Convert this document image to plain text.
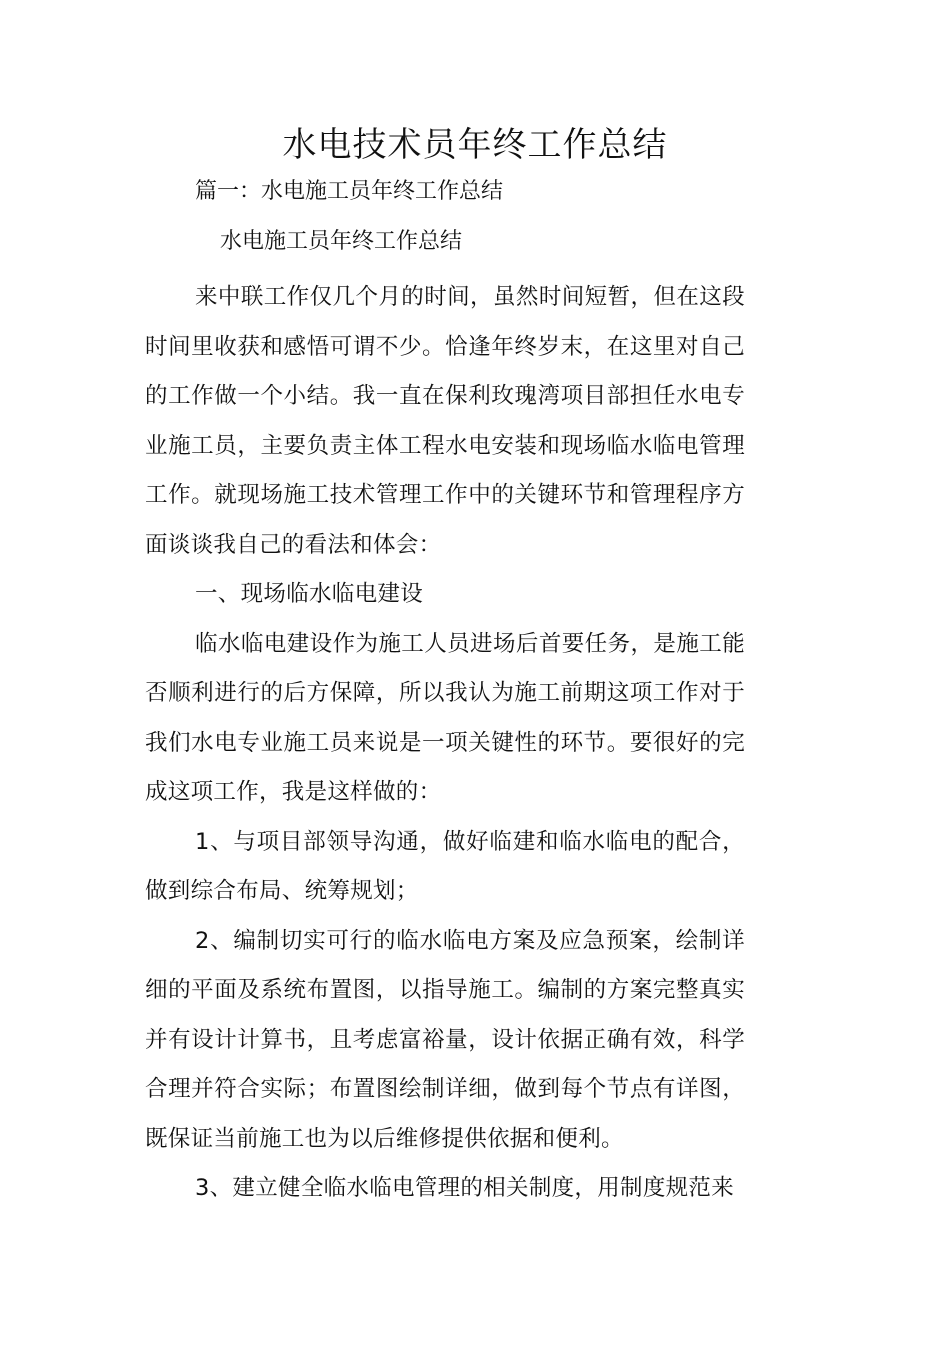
水电技术员年终工作总结
篇一：水电施工员年终工作总结
水电施工员年终工作总结

来中联工作仅几个月的时间，虽然时间短暂，但在这段时间里收获和感悟可谓不少。恰逢年终岁末，在这里对自己的工作做一个小结。我一直在保利玫瑰湾项目部担任水电专业施工员，主要负责主体工程水电安装和现场临水临电管理工作。就现场施工技术管理工作中的关键环节和管理程序方面谈谈我自己的看法和体会：

一、现场临水临电建设

临水临电建设作为施工人员进场后首要任务，是施工能否顺利进行的后方保障，所以我认为施工前期这项工作对于我们水电专业施工员来说是一项关键性的环节。要很好的完成这项工作，我是这样做的：

1、与项目部领导沟通，做好临建和临水临电的配合，做到综合布局、统筹规划；

2、编制切实可行的临水临电方案及应急预案，绘制详细的平面及系统布置图，以指导施工。编制的方案完整真实并有设计计算书，且考虑富裕量，设计依据正确有效，科学合理并符合实际；布置图绘制详细，做到每个节点有详图，既保证当前施工也为以后维修提供依据和便利。

3、建立健全临水临电管理的相关制度，用制度规范来
